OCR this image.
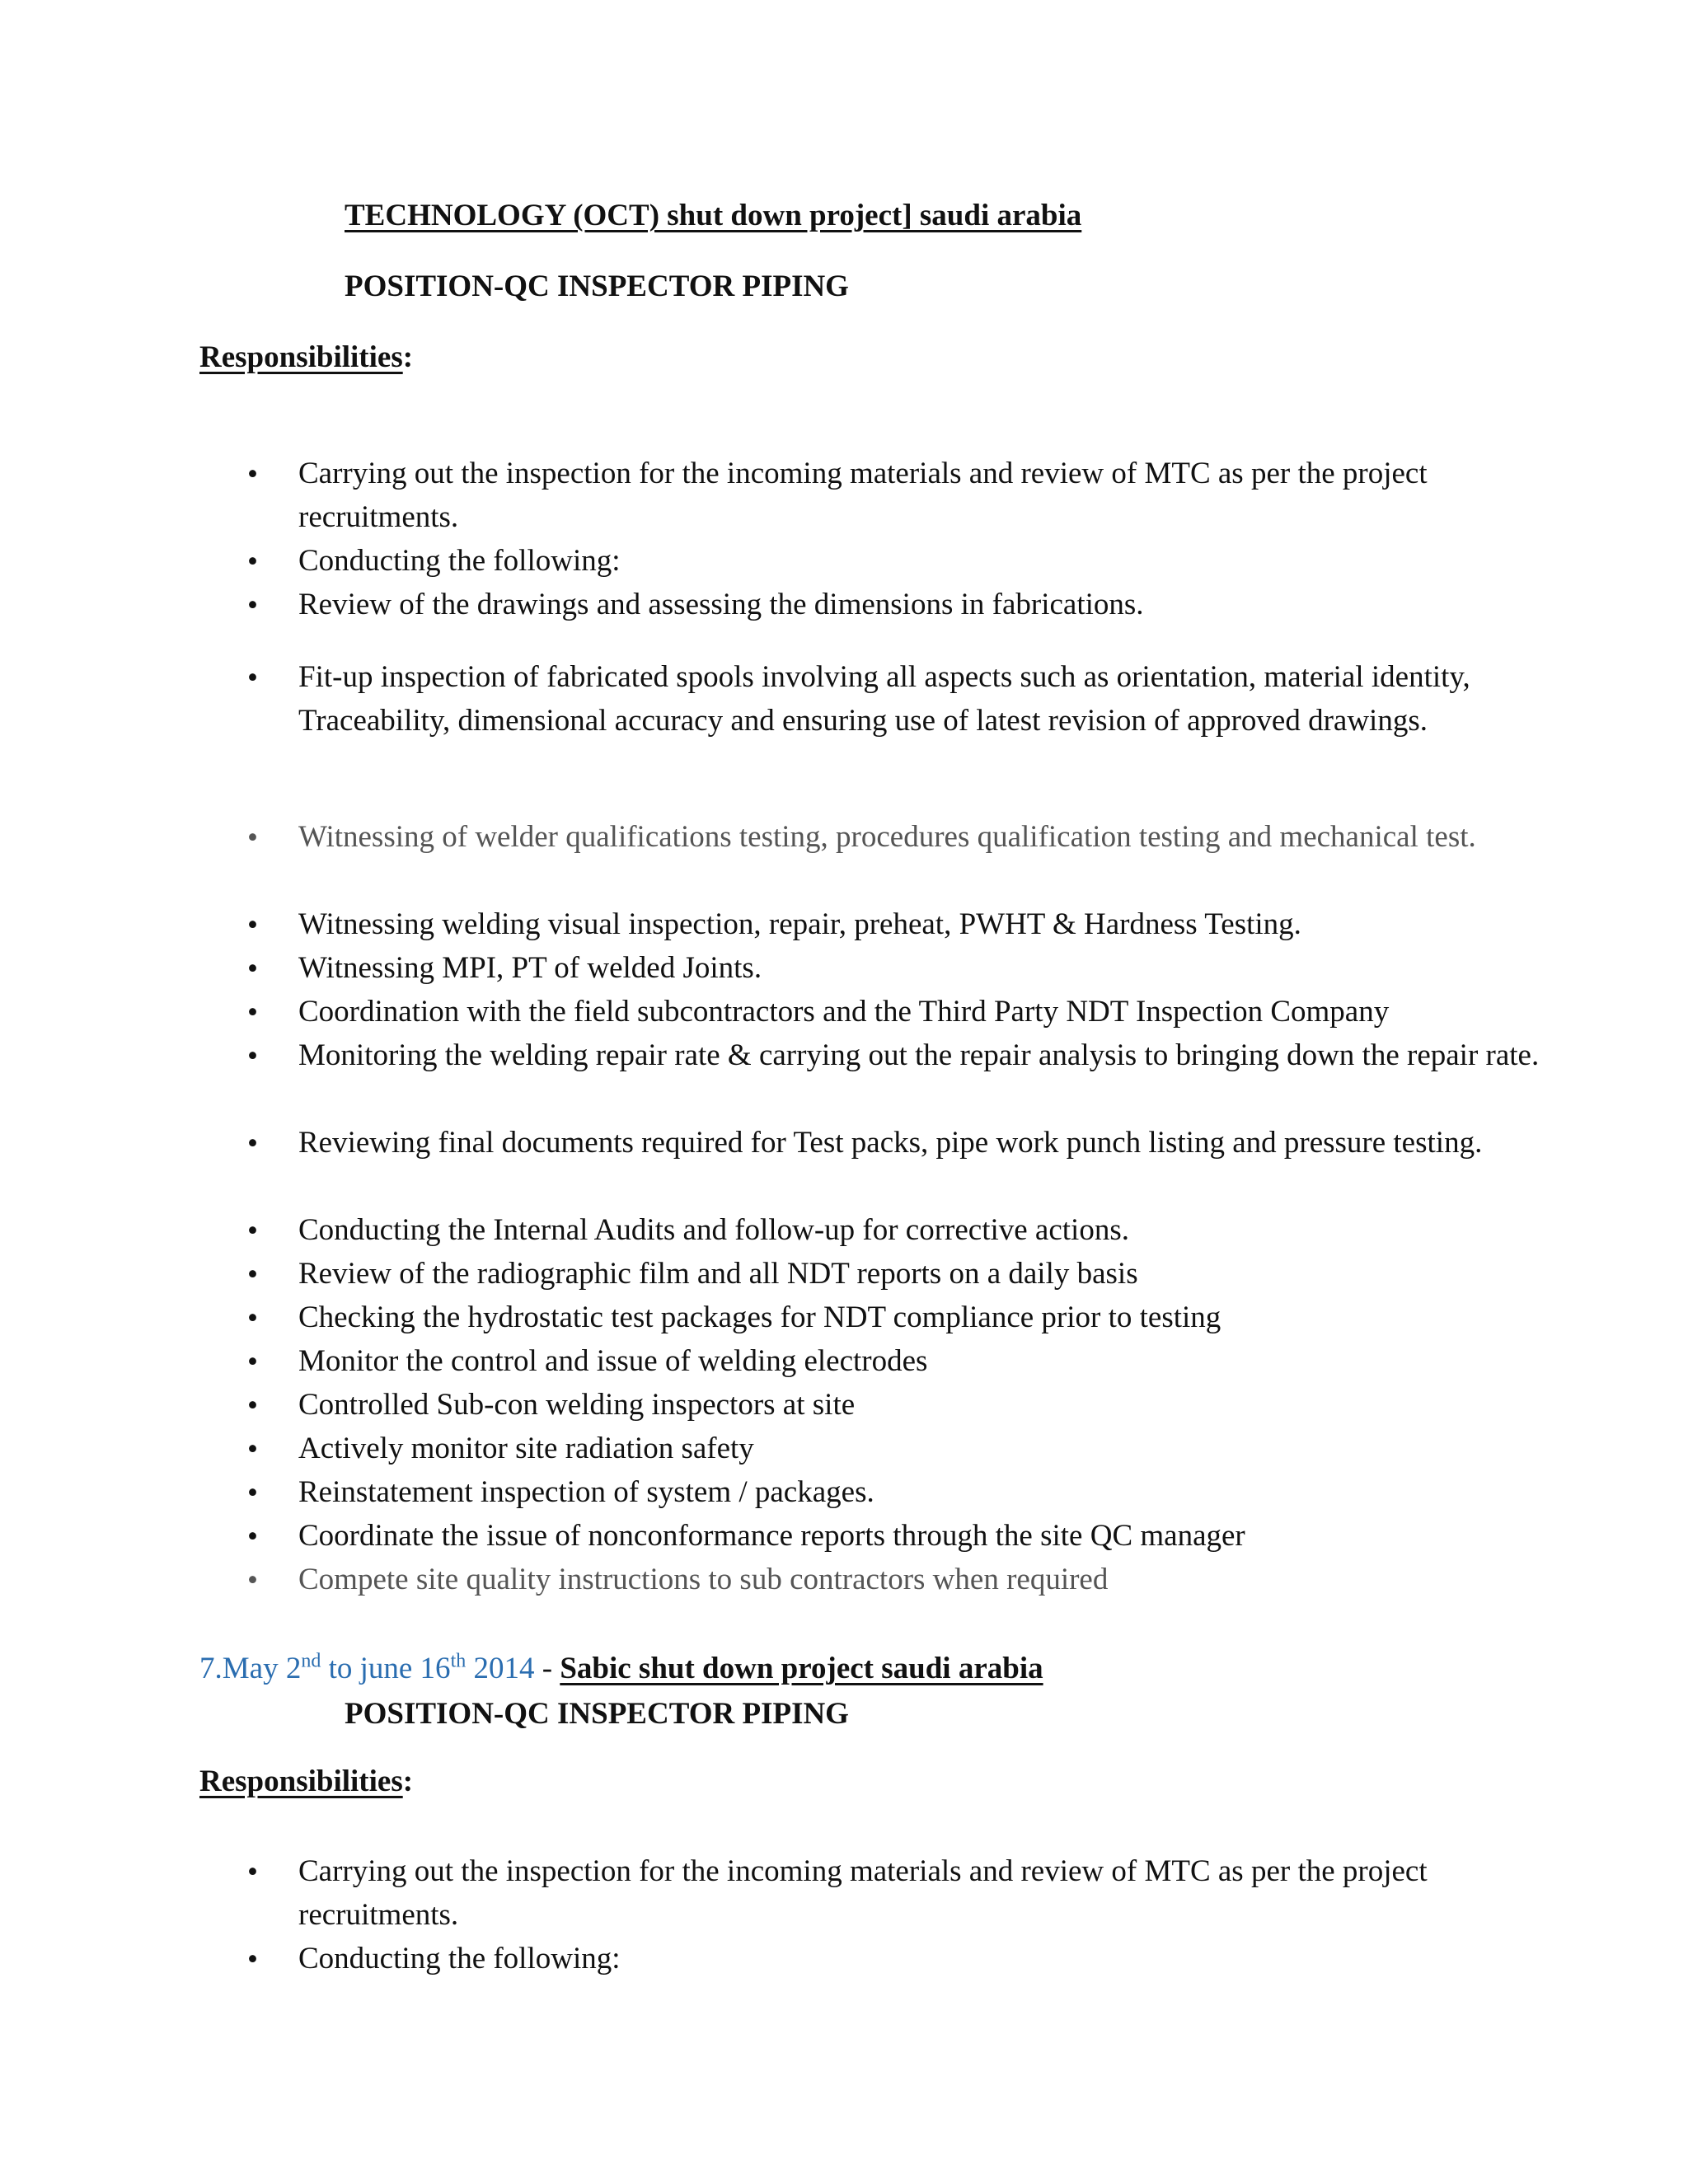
TECHNOLOGY (OCT) shut down project] saudi arabia
POSITION-QC INSPECTOR PIPING
Responsibilities:
• Carrying out the inspection for the incoming materials and review of MTC as per the project recruitments.
• Conducting the following:
• Review of the drawings and assessing the dimensions in fabrications.
• Fit-up inspection of fabricated spools involving all aspects such as orientation, material identity, Traceability, dimensional accuracy and ensuring use of latest revision of approved drawings.
• Witnessing of welder qualifications testing, procedures qualification testing and mechanical test.
• Witnessing welding visual inspection, repair, preheat, PWHT & Hardness Testing.
• Witnessing MPI, PT of welded Joints.
• Coordination with the field subcontractors and the Third Party NDT Inspection Company
• Monitoring the welding repair rate & carrying out the repair analysis to bringing down the repair rate.
• Reviewing final documents required for Test packs, pipe work punch listing and pressure testing.
• Conducting the Internal Audits and follow-up for corrective actions.
• Review of the radiographic film and all NDT reports on a daily basis
• Checking the hydrostatic test packages for NDT compliance prior to testing
• Monitor the control and issue of welding electrodes
• Controlled Sub-con welding inspectors at site
• Actively monitor site radiation safety
• Reinstatement inspection of system / packages.
• Coordinate the issue of nonconformance reports through the site QC manager
• Compete site quality instructions to sub contractors when required
7.May 2nd to june 16th 2014 - Sabic shut down project saudi arabia
POSITION-QC INSPECTOR PIPING
Responsibilities:
• Carrying out the inspection for the incoming materials and review of MTC as per the project recruitments.
• Conducting the following:
